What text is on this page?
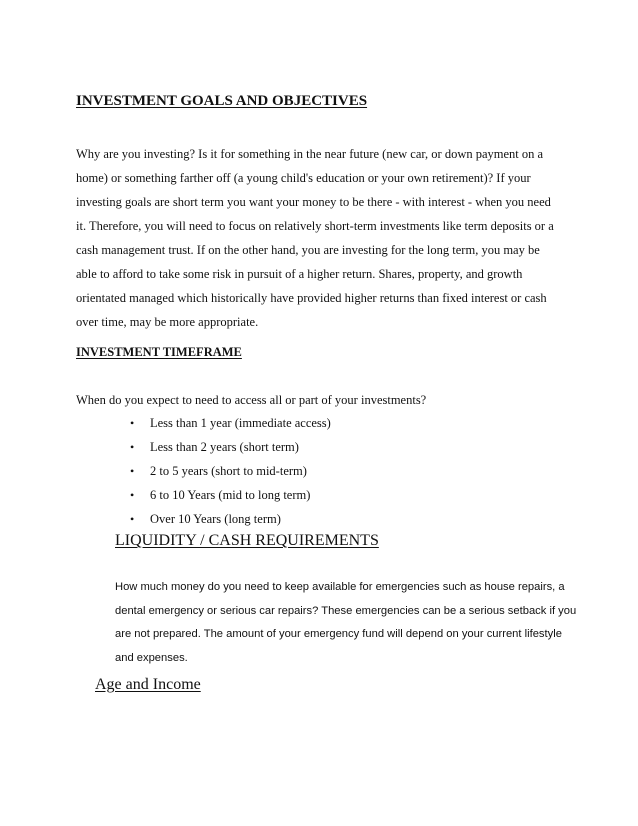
INVESTMENT GOALS AND OBJECTIVES
Why are you investing? Is it for something in the near future (new car, or down payment on a
home) or something farther off (a young child's education or your own retirement)? If your
investing goals are short term you want your money to be there - with interest - when you need
it. Therefore, you will need to focus on relatively short-term investments like term deposits or a
cash management trust. If on the other hand, you are investing for the long term, you may be
able to afford to take some risk in pursuit of a higher return. Shares, property, and growth
orientated managed which historically have provided higher returns than fixed interest or cash
over time, may be more appropriate.
INVESTMENT TIMEFRAME
When do you expect to need to access all or part of your investments?
• Less than 1 year (immediate access)
• Less than 2 years (short term)
• 2 to 5 years (short to mid-term)
• 6 to 10 Years (mid to long term)
• Over 10 Years (long term)
LIQUIDITY / CASH REQUIREMENTS
How much money do you need to keep available for emergencies such as house repairs, a
dental emergency or serious car repairs? These emergencies can be a serious setback if you
are not prepared. The amount of your emergency fund will depend on your current lifestyle
and expenses.
Age and Income
